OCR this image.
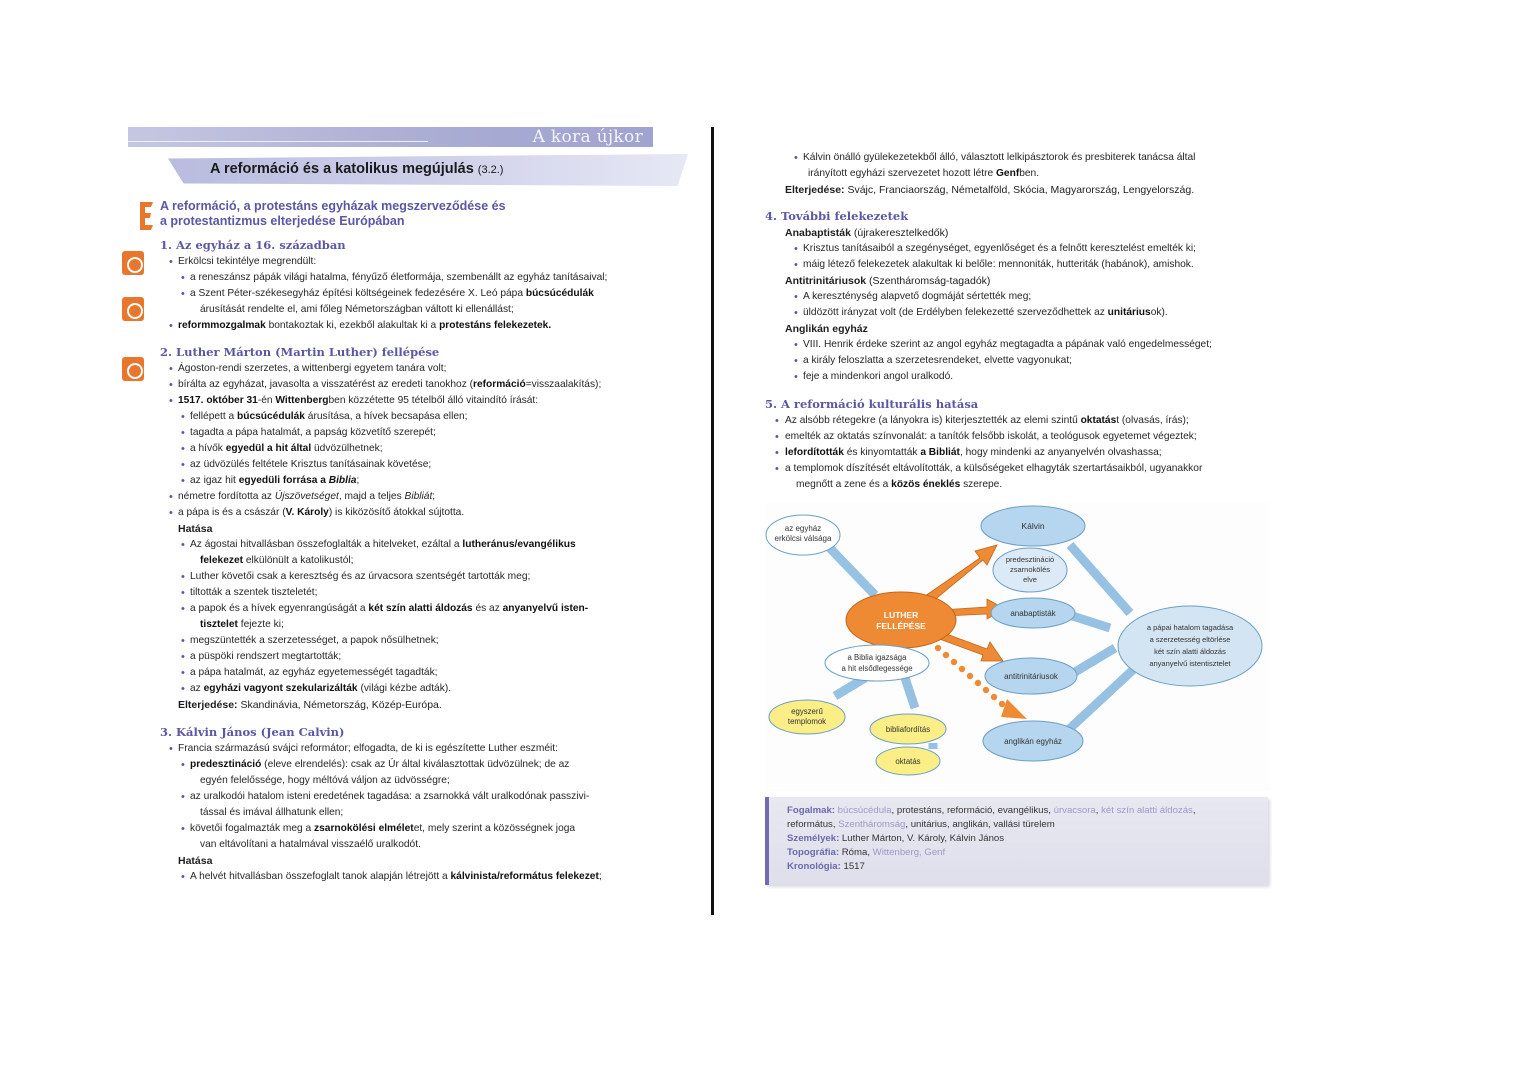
A kora újkor
A reformáció és a katolikus megújulás (3.2.)
A reformáció, a protestáns egyházak megszerveződése és
a protestantizmus elterjedése Európában
1. Az egyház a 16. században
• Erkölcsi tekintélye megrendült:
• a reneszánsz pápák világi hatalma, fényűző életformája, szembenállt az egyház tanításaival;
• a Szent Péter-székesegyház építési költségeinek fedezésére X. Leó pápa búcsúcédulák
árusítását rendelte el, ami főleg Németországban váltott ki ellenállást;
• reformmozgalmak bontakoztak ki, ezekből alakultak ki a protestáns felekezetek.
2. Luther Márton (Martin Luther) fellépése
• Ágoston-rendi szerzetes, a wittenbergi egyetem tanára volt;
• bírálta az egyházat, javasolta a visszatérést az eredeti tanokhoz (reformáció=visszaalakítás);
• 1517. október 31-én Wittenbergben közzétette 95 tételből álló vitaindító írását:
• fellépett a búcsúcédulák árusítása, a hívek becsapása ellen;
• tagadta a pápa hatalmát, a papság közvetítő szerepét;
• a hívők egyedül a hit által üdvözülhetnek;
• az üdvözülés feltétele Krisztus tanításainak követése;
• az igaz hit egyedüli forrása a Biblia;
• németre fordította az Újszövetséget, majd a teljes Bibliát;
• a pápa is és a császár (V. Károly) is kiközösítő átokkal sújtotta.
Hatása
• Az ágostai hitvallásban összefoglalták a hitelveket, ezáltal a lutheránus/evangélikus
felekezet elkülönült a katolikustól;
• Luther követői csak a keresztség és az úrvacsora szentségét tartották meg;
• tiltották a szentek tiszteletét;
• a papok és a hívek egyenrangúságát a két szín alatti áldozás és az anyanyelvű isten-
tisztelet fejezte ki;
• megszüntették a szerzetességet, a papok nősülhetnek;
• a püspöki rendszert megtartották;
• a pápa hatalmát, az egyház egyetemességét tagadták;
• az egyházi vagyont szekularizálták (világi kézbe adták).
Elterjedése: Skandinávia, Németország, Közép-Európa.
3. Kálvin János (Jean Calvin)
• Francia származású svájci reformátor; elfogadta, de ki is egészítette Luther eszméit:
• predesztináció (eleve elrendelés): csak az Úr által kiválasztottak üdvözülnek; de az
egyén felelőssége, hogy méltóvá váljon az üdvösségre;
• az uralkodói hatalom isteni eredetének tagadása: a zsarnokká vált uralkodónak passzivi-
tással és imával állhatunk ellen;
• követői fogalmazták meg a zsarnokölési elméletet, mely szerint a közösségnek joga
van eltávolítani a hatalmával visszaélő uralkodót.
Hatása
• A helvét hitvallásban összefoglalt tanok alapján létrejött a kálvinista/református felekezet;
• Kálvin önálló gyülekezetekből álló, választott lelkipásztorok és presbiterek tanácsa által
irányított egyházi szervezetet hozott létre Genfben.
Elterjedése: Svájc, Franciaország, Németalföld, Skócia, Magyarország, Lengyelország.
4. További felekezetek
Anabaptisták (újrakeresztelkedők)
• Krisztus tanításaiból a szegénységet, egyenlőséget és a felnőtt keresztelést emelték ki;
• máig létező felekezetek alakultak ki belőle: mennoniták, hutteriták (habánok), amishok.
Antitrinitáriusok (Szentháromság-tagadók)
• A kereszténység alapvető dogmáját sértették meg;
• üldözött irányzat volt (de Erdélyben felekezetté szerveződhettek az unitáriusok).
Anglikán egyház
• VIII. Henrik érdeke szerint az angol egyház megtagadta a pápának való engedelmességet;
• a király feloszlatta a szerzetesrendeket, elvette vagyonukat;
• feje a mindenkori angol uralkodó.
5. A reformáció kulturális hatása
• Az alsóbb rétegekre (a lányokra is) kiterjesztették az elemi szintű oktatást (olvasás, írás);
• emelték az oktatás színvonalát: a tanítók felsőbb iskolát, a teológusok egyetemet végeztek;
• lefordították és kinyomtatták a Bibliát, hogy mindenki az anyanyelvén olvashassa;
• a templomok díszítését eltávolították, a külsőségeket elhagyták szertartásaikból, ugyanakkor
megnőtt a zene és a közös éneklés szerepe.
az egyház
erkölcsi válsága
Kálvin
predesztináció
zsarnokölés
elve
LUTHER
FELLÉPÉSE
anabaptisták
antitrinitáriusok
anglikán egyház
a pápai hatalom tagadása
a szerzetesség eltörlése
két szín alatti áldozás
anyanyelvű istentisztelet
a Biblia igazsága
a hit elsődlegessége
egyszerű
templomok
bibliafordítás
oktatás
Fogalmak: búcsúcédula, protestáns, reformáció, evangélikus, úrvacsora, két szín alatti áldozás,
református, Szentháromság, unitárius, anglikán, vallási türelem
Személyek: Luther Márton, V. Károly, Kálvin János
Topográfia: Róma, Wittenberg, Genf
Kronológia: 1517
